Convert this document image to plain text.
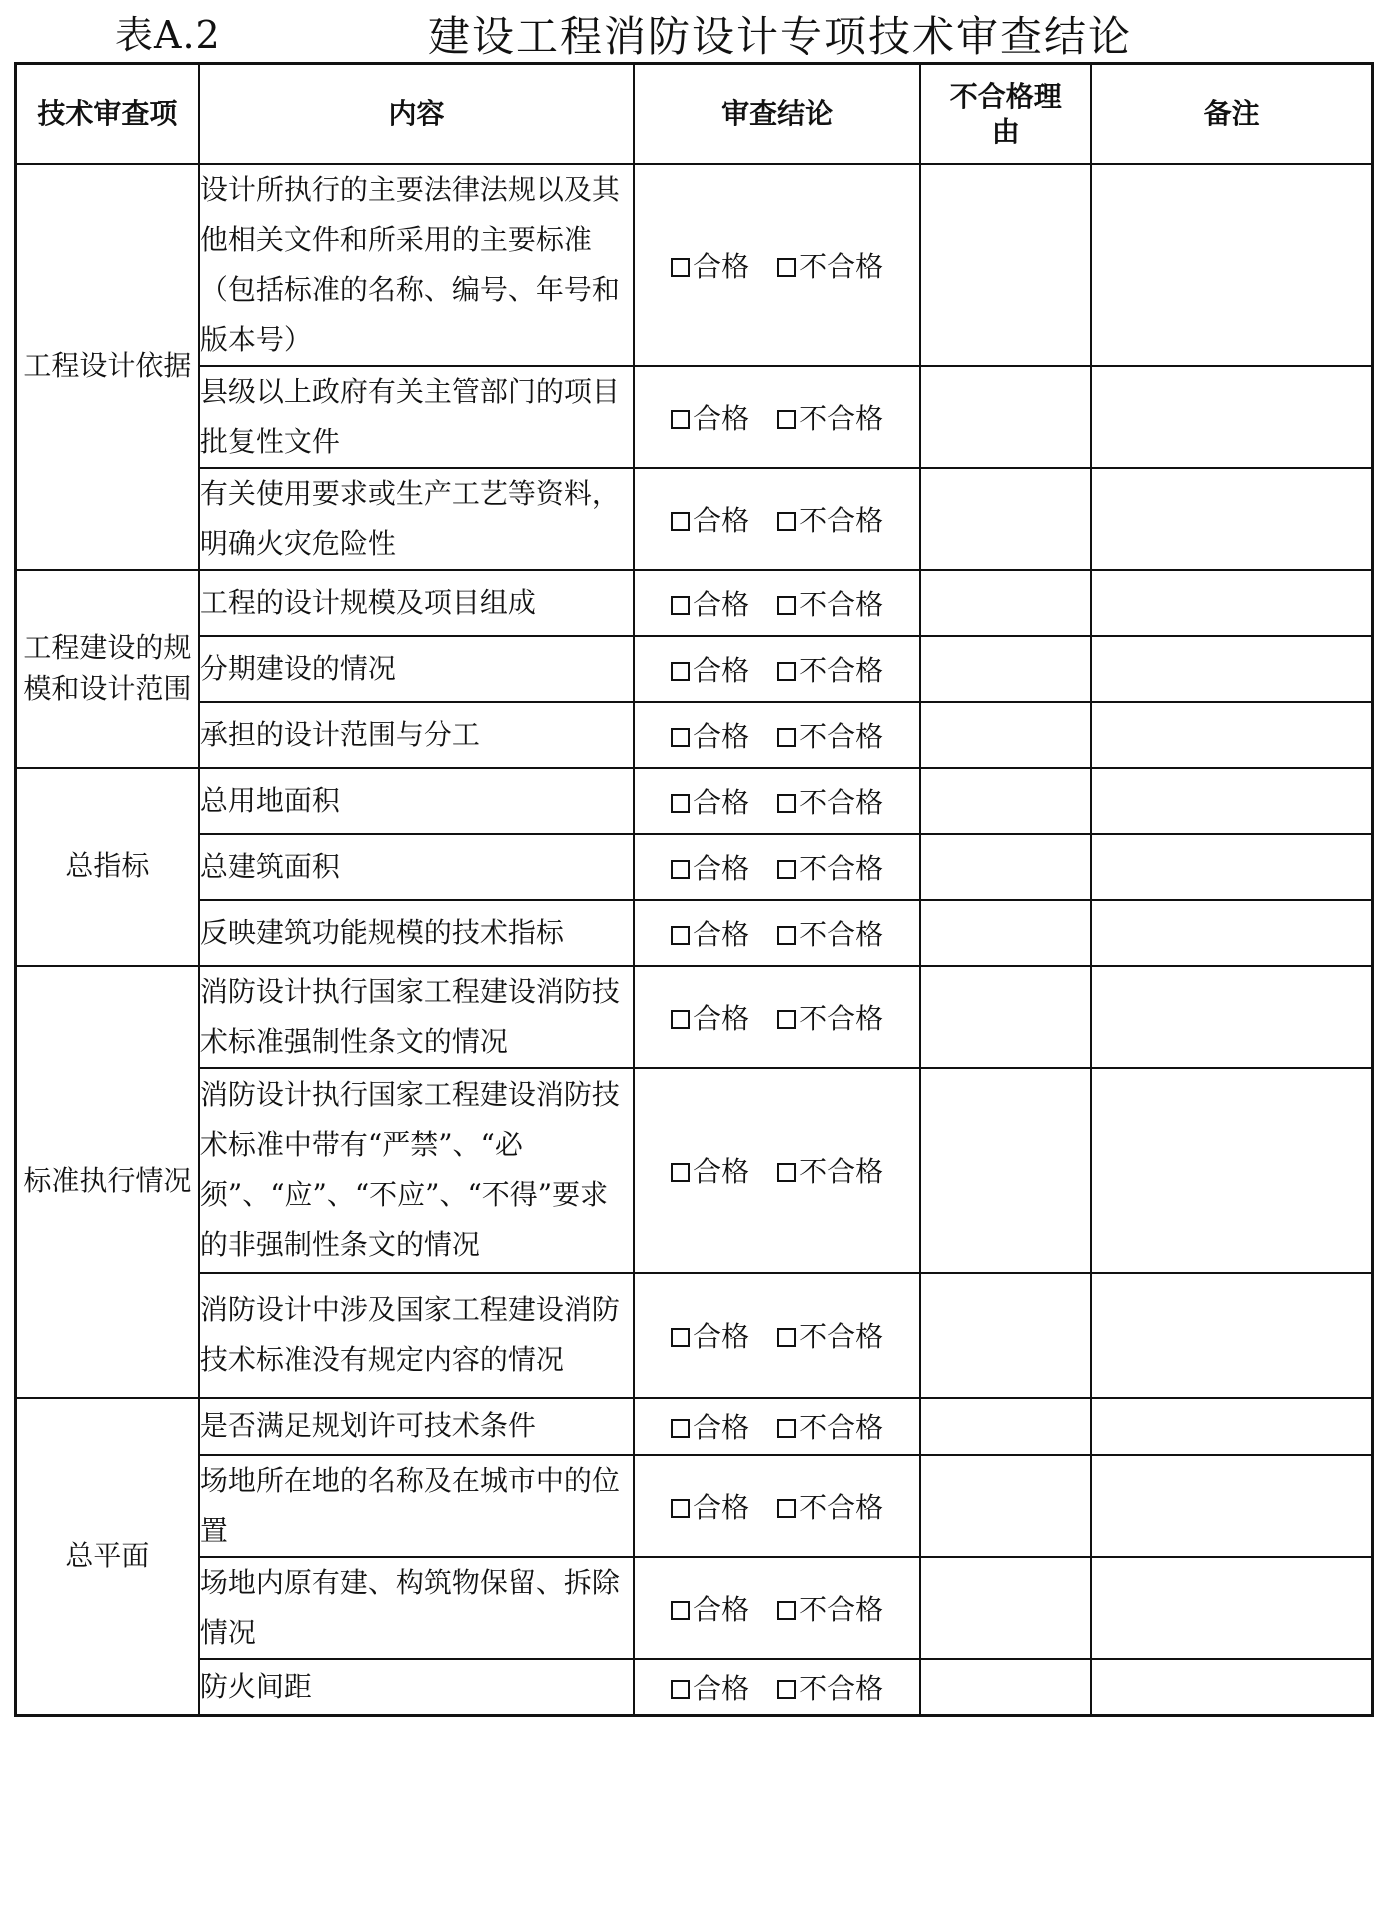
表A.2	建设工程消防设计专项技术审查结论
技术审查项	内容	审查结论	不合格理由	备注
工程设计依据	设计所执行的主要法律法规以及其他相关文件和所采用的主要标准（包括标准的名称、编号、年号和版本号）	合格 不合格		
	县级以上政府有关主管部门的项目批复性文件	合格 不合格		
	有关使用要求或生产工艺等资料，明确火灾危险性	合格 不合格		
工程建设的规模和设计范围	工程的设计规模及项目组成	合格 不合格		
	分期建设的情况	合格 不合格		
	承担的设计范围与分工	合格 不合格		
总指标	总用地面积	合格 不合格		
	总建筑面积	合格 不合格		
	反映建筑功能规模的技术指标	合格 不合格		
标准执行情况	消防设计执行国家工程建设消防技术标准强制性条文的情况	合格 不合格		
	消防设计执行国家工程建设消防技术标准中带有“严禁”、“必须”、“应”、“不应”、“不得”要求的非强制性条文的情况	合格 不合格		
	消防设计中涉及国家工程建设消防技术标准没有规定内容的情况	合格 不合格		
总平面	是否满足规划许可技术条件	合格 不合格		
	场地所在地的名称及在城市中的位置	合格 不合格		
	场地内原有建、构筑物保留、拆除情况	合格 不合格		
	防火间距	合格 不合格		
